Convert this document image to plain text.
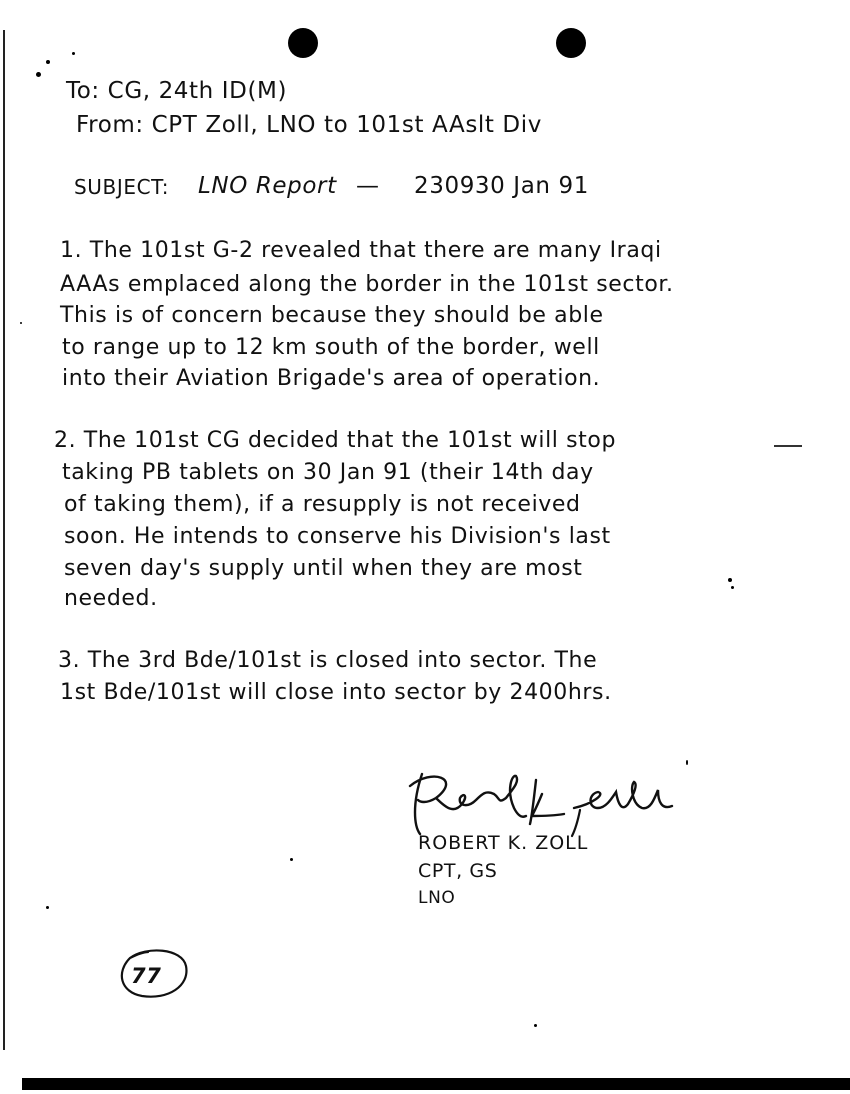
To: CG, 24th ID(M)
From: CPT Zoll, LNO to 101st AAslt Div
SUBJECT: LNO Report — 230930 Jan 91
1. The 101st G-2 revealed that there are many Iraqi
AAAs emplaced along the border in the 101st sector.
This is of concern because they should be able
to range up to 12 km south of the border, well
into their Aviation Brigade's area of operation.
2. The 101st CG decided that the 101st will stop
taking PB tablets on 30 Jan 91 (their 14th day
of taking them), if a resupply is not received
soon. He intends to conserve his Division's last
seven day's supply until when they are most
needed.
3. The 3rd Bde/101st is closed into sector. The
1st Bde/101st will close into sector by 2400hrs.
ROBERT K. ZOLL
CPT, GS
LNO
77
